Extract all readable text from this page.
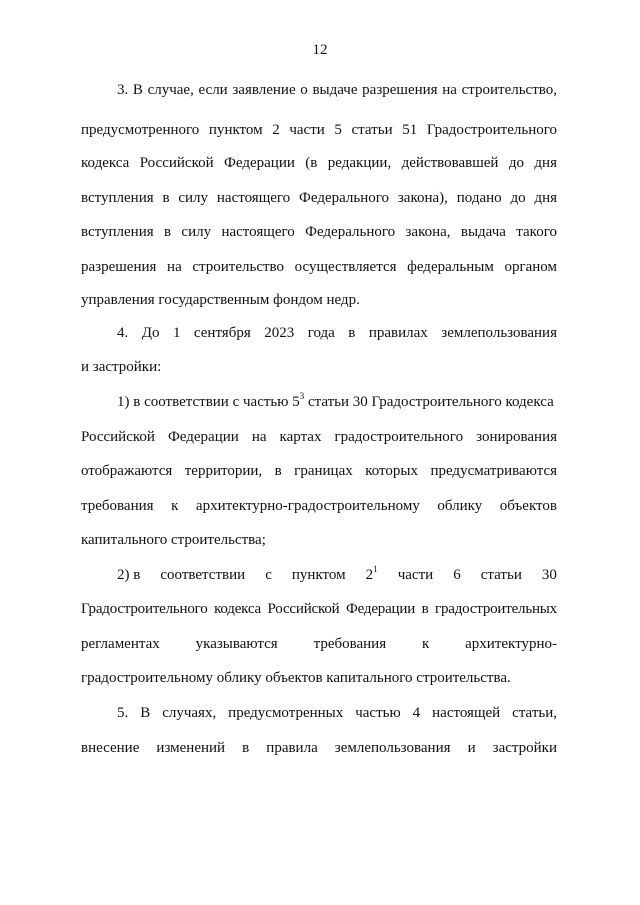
12
3. В случае, если заявление о выдаче разрешения на строительство,
предусмотренного пунктом 2 части 5 статьи 51 Градостроительного
кодекса Российской Федерации (в редакции, действовавшей до дня
вступления в силу настоящего Федерального закона), подано до дня
вступления в силу настоящего Федерального закона, выдача такого
разрешения на строительство осуществляется федеральным органом
управления государственным фондом недр.
4. До 1 сентября 2023 года в правилах землепользования
и застройки:
1) в соответствии с частью $5^3$ статьи 30 Градостроительного кодекса
Российской Федерации на картах градостроительного зонирования
отображаются территории, в границах которых предусматриваются
требования к архитектурно-градостроительному облику объектов
капитального строительства;
2) в соответствии с пунктом $2^1$ части 6 статьи 30
Градостроительного кодекса Российской Федерации в градостроительных
регламентах указываются требования к архитектурно-
градостроительному облику объектов капитального строительства.
5. В случаях, предусмотренных частью 4 настоящей статьи,
внесение изменений в правила землепользования и застройки
